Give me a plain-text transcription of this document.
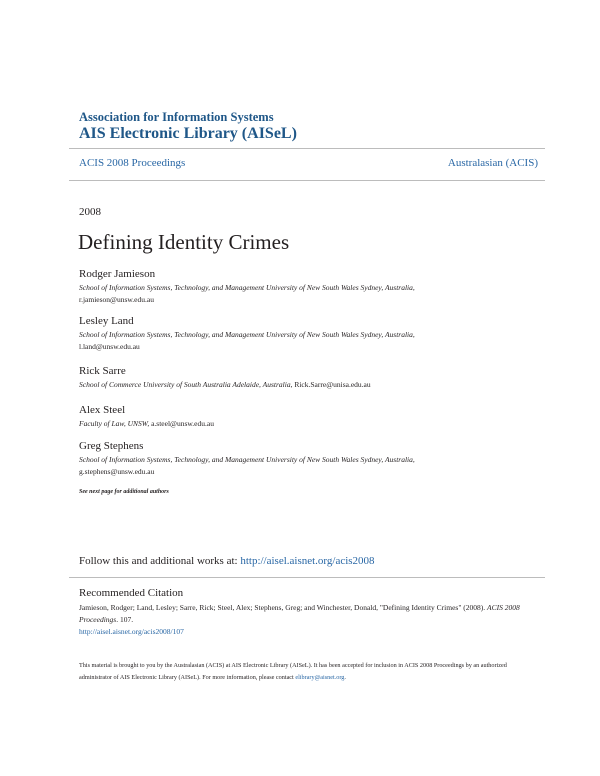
Association for Information Systems
AIS Electronic Library (AISeL)
ACIS 2008 Proceedings	Australasian (ACIS)
2008
Defining Identity Crimes
Rodger Jamieson
School of Information Systems, Technology, and Management University of New South Wales Sydney, Australia,
r.jamieson@unsw.edu.au
Lesley Land
School of Information Systems, Technology, and Management University of New South Wales Sydney, Australia,
l.land@unsw.edu.au
Rick Sarre
School of Commerce University of South Australia Adelaide, Australia, Rick.Sarre@unisa.edu.au
Alex Steel
Faculty of Law, UNSW, a.steel@unsw.edu.au
Greg Stephens
School of Information Systems, Technology, and Management University of New South Wales Sydney, Australia,
g.stephens@unsw.edu.au
See next page for additional authors
Follow this and additional works at: http://aisel.aisnet.org/acis2008
Recommended Citation
Jamieson, Rodger; Land, Lesley; Sarre, Rick; Steel, Alex; Stephens, Greg; and Winchester, Donald, "Defining Identity Crimes" (2008). ACIS 2008 Proceedings. 107.
http://aisel.aisnet.org/acis2008/107
This material is brought to you by the Australasian (ACIS) at AIS Electronic Library (AISeL). It has been accepted for inclusion in ACIS 2008 Proceedings by an authorized administrator of AIS Electronic Library (AISeL). For more information, please contact elibrary@aisnet.org.
